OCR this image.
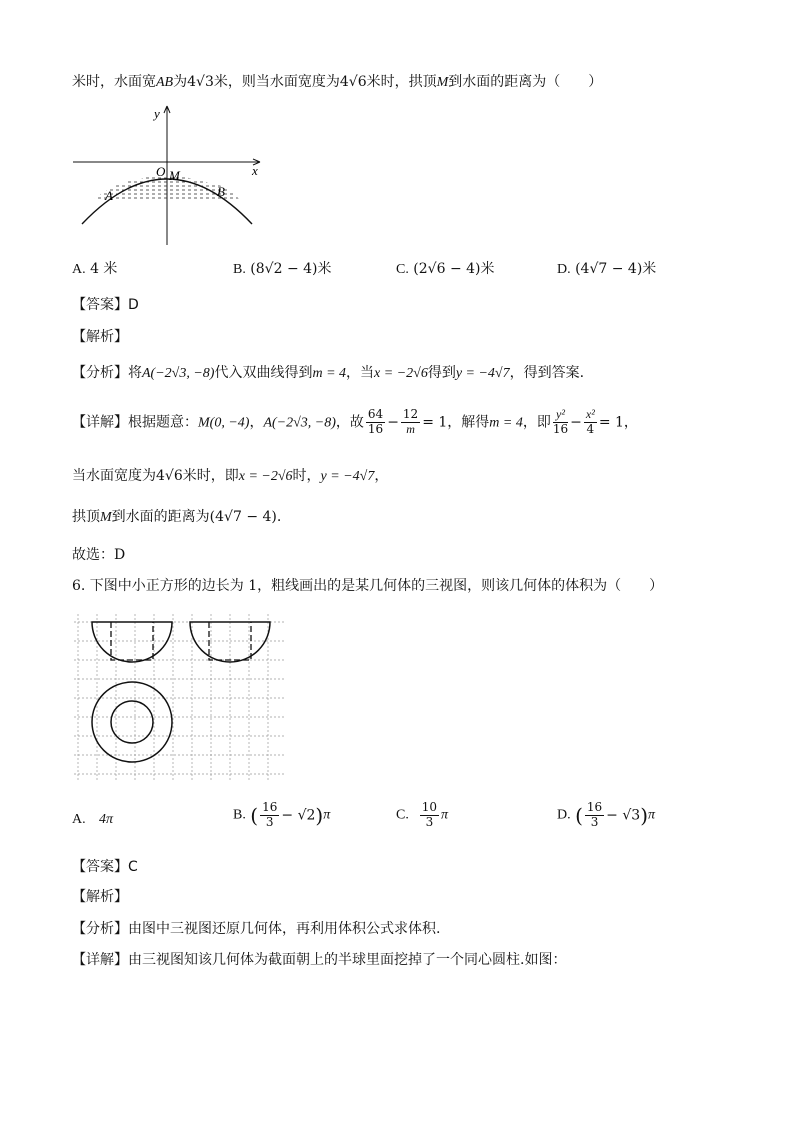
米时，水面宽AB为4√3米，则当水面宽度为4√6米时，拱顶M到水面的距离为（　　）
y
x
O M
A	B
A. 4 米	B. (8√2 − 4)米	C. (2√6 − 4)米	D. (4√7 − 4)米
【答案】D
【解析】
【分析】将A(−2√3, −8)代入双曲线得到m = 4，当x = −2√6得到y = −4√7，得到答案.
【详解】根据题意：M(0, −4)，A(−2√3, −8)，故 $\frac{64}{16} - \frac{12}{m} = 1$，解得m = 4，即 $\frac{\text{y²}}{16} - \frac{\text{x²}}{4} = 1$，
当水面宽度为4√6米时，即x = −2√6时，y = −4√7，
拱顶M到水面的距离为(4√7 − 4).
故选：D
6. 下图中小正方形的边长为 1，粗线画出的是某几何体的三视图，则该几何体的体积为（　　）
A. 4π	B. ( $\frac{16}{3} - √2)\pi$	C. $\frac{10}{3}$ π	D. ( $\frac{16}{3} - √3)\pi$
【答案】C
【解析】
【分析】由图中三视图还原几何体，再利用体积公式求体积.
【详解】由三视图知该几何体为截面朝上的半球里面挖掉了一个同心圆柱.如图：
